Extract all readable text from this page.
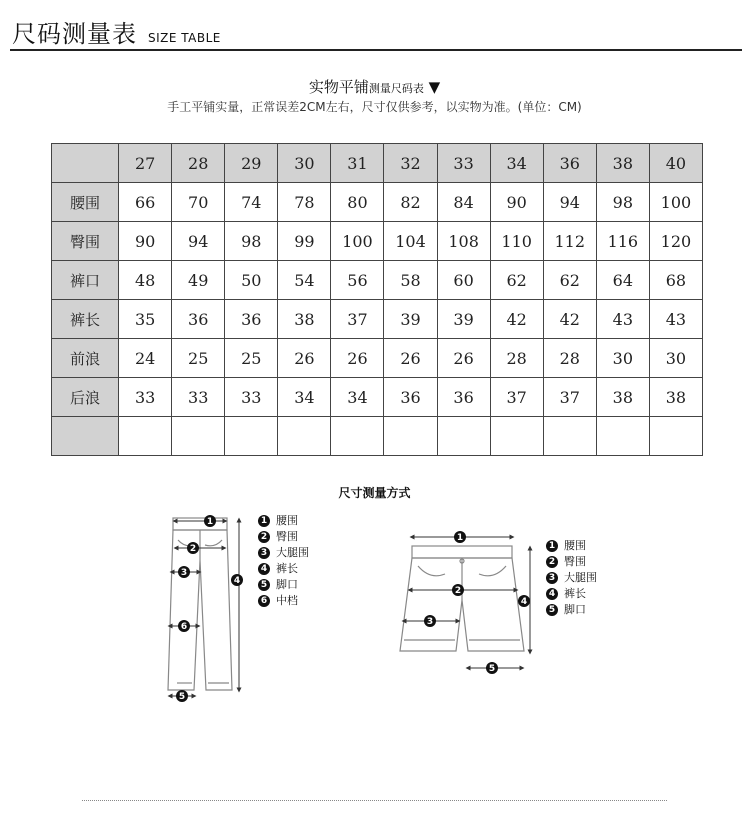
尺码测量表 SIZE TABLE
实物平铺测量尺码表 ▼
手工平铺实量，正常误差2CM左右，尺寸仅供参考，以实物为准。(单位：CM)
	27	28	29	30	31	32	33	34	36	38	40
腰围	66	70	74	78	80	82	84	90	94	98	100
臀围	90	94	98	99	100	104	108	110	112	116	120
裤口	48	49	50	54	56	58	60	62	62	64	68
裤长	35	36	36	38	37	39	39	42	42	43	43
前浪	24	25	25	26	26	26	26	28	28	30	30
后浪	33	33	33	34	34	36	36	37	37	38	38

尺寸测量方式
1
2
3
4
6
5
1
2
3
4
5
1 腰围
2 臀围
3 大腿围
4 裤长
5 脚口
6 中档
1 腰围
2 臀围
3 大腿围
4 裤长
5 脚口
